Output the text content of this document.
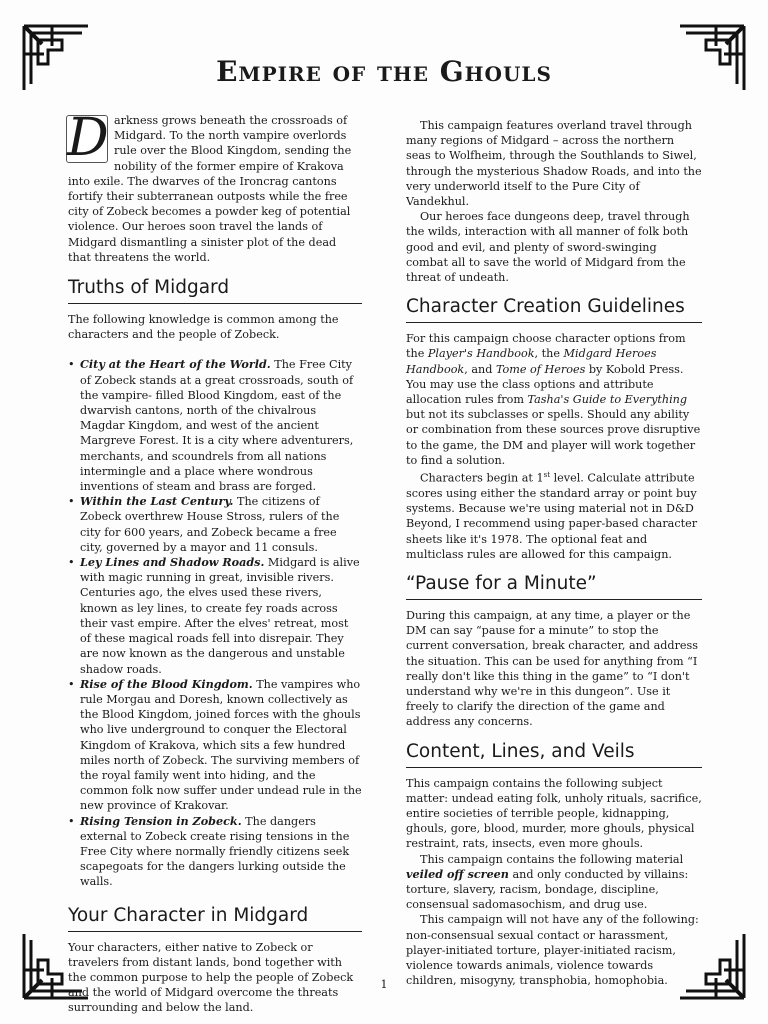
Empire of the Ghouls

D arkness grows beneath the crossroads of Midgard. To the north vampire overlords rule over the Blood Kingdom, sending the nobility of the former empire of Krakova into exile. The dwarves of the Ironcrag cantons fortify their subterranean outposts while the free city of Zobeck becomes a powder keg of potential violence. Our heroes soon travel the lands of Midgard dismantling a sinister plot of the dead that threatens the world.

Truths of Midgard

The following knowledge is common among the characters and the people of Zobeck.

• City at the Heart of the World. The Free City of Zobeck stands at a great crossroads, south of the vampire- filled Blood Kingdom, east of the dwarvish cantons, north of the chivalrous Magdar Kingdom, and west of the ancient Margreve Forest. It is a city where adventurers, merchants, and scoundrels from all nations intermingle and a place where wondrous inventions of steam and brass are forged.
• Within the Last Century. The citizens of Zobeck overthrew House Stross, rulers of the city for 600 years, and Zobeck became a free city, governed by a mayor and 11 consuls.
• Ley Lines and Shadow Roads. Midgard is alive with magic running in great, invisible rivers. Centuries ago, the elves used these rivers, known as ley lines, to create fey roads across their vast empire. After the elves' retreat, most of these magical roads fell into disrepair. They are now known as the dangerous and unstable shadow roads.
• Rise of the Blood Kingdom. The vampires who rule Morgau and Doresh, known collectively as the Blood Kingdom, joined forces with the ghouls who live underground to conquer the Electoral Kingdom of Krakova, which sits a few hundred miles north of Zobeck. The surviving members of the royal family went into hiding, and the common folk now suffer under undead rule in the new province of Krakovar.
• Rising Tension in Zobeck. The dangers external to Zobeck create rising tensions in the Free City where normally friendly citizens seek scapegoats for the dangers lurking outside the walls.
Your Character in Midgard

Your characters, either native to Zobeck or travelers from distant lands, bond together with the common purpose to help the people of Zobeck and the world of Midgard overcome the threats surrounding and below the land.

This campaign features overland travel through many regions of Midgard – across the northern seas to Wolfheim, through the Southlands to Siwel, through the mysterious Shadow Roads, and into the very underworld itself to the Pure City of Vandekhul.

Our heroes face dungeons deep, travel through the wilds, interaction with all manner of folk both good and evil, and plenty of sword-swinging combat all to save the world of Midgard from the threat of undeath.

Character Creation Guidelines

For this campaign choose character options from the Player's Handbook, the Midgard Heroes Handbook, and Tome of Heroes by Kobold Press. You may use the class options and attribute allocation rules from Tasha's Guide to Everything but not its subclasses or spells. Should any ability or combination from these sources prove disruptive to the game, the DM and player will work together to find a solution.

Characters begin at 1st level. Calculate attribute scores using either the standard array or point buy systems. Because we're using material not in D&D Beyond, I recommend using paper-based character sheets like it's 1978. The optional feat and multiclass rules are allowed for this campaign.

“Pause for a Minute”

During this campaign, at any time, a player or the DM can say “pause for a minute” to stop the current conversation, break character, and address the situation. This can be used for anything from “I really don't like this thing in the game” to “I don't understand why we're in this dungeon”. Use it freely to clarify the direction of the game and address any concerns.

Content, Lines, and Veils

This campaign contains the following subject matter: undead eating folk, unholy rituals, sacrifice, entire societies of terrible people, kidnapping, ghouls, gore, blood, murder, more ghouls, physical restraint, rats, insects, even more ghouls.

This campaign contains the following material veiled off screen and only conducted by villains: torture, slavery, racism, bondage, discipline, consensual sadomasochism, and drug use.

This campaign will not have any of the following: non-consensual sexual contact or harassment, player-initiated torture, player-initiated racism, violence towards animals, violence towards children, misogyny, transphobia, homophobia.

1
